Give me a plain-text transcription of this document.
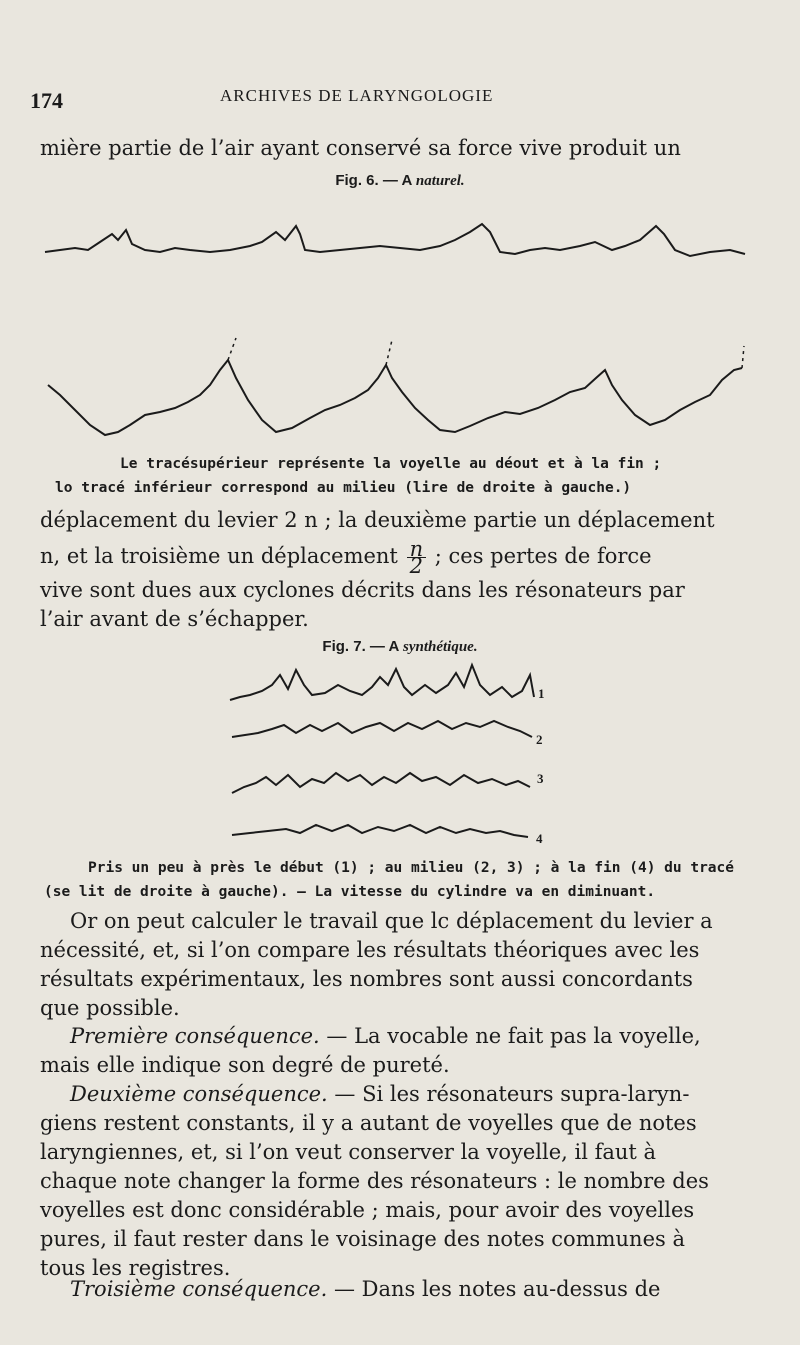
174	ARCHIVES DE LARYNGOLOGIE
mière partie de l’air ayant conservé sa force vive produit un
Fig. 6. — A naturel.
Le tracésupérieur représente la voyelle au déout et à la fin ;
lo tracé inférieur correspond au milieu (lire de droite à gauche.)
déplacement du levier 2 n ; la deuxième partie un déplacement
n, et la troisième un déplacement $\frac{n}{2}$ ; ces pertes de force
vive sont dues aux cyclones décrits dans les résonateurs par
l’air avant de s’échapper.
Fig. 7. — A synthétique.
1
2
3
4
Pris un peu à près le début (1) ; au milieu (2, 3) ; à la fin (4) du tracé
(se lit de droite à gauche). — La vitesse du cylindre va en diminuant.
Or on peut calculer le travail que lc déplacement du levier a
nécessité, et, si l’on compare les résultats théoriques avec les
résultats expérimentaux, les nombres sont aussi concordants
que possible.
Première conséquence. — La vocable ne fait pas la voyelle,
mais elle indique son degré de pureté.
Deuxième conséquence. — Si les résonateurs supra-laryn-
giens restent constants, il y a autant de voyelles que de notes
laryngiennes, et, si l’on veut conserver la voyelle, il faut à
chaque note changer la forme des résonateurs : le nombre des
voyelles est donc considérable ; mais, pour avoir des voyelles
pures, il faut rester dans le voisinage des notes communes à
tous les registres.
Troisième conséquence. — Dans les notes au-dessus de
